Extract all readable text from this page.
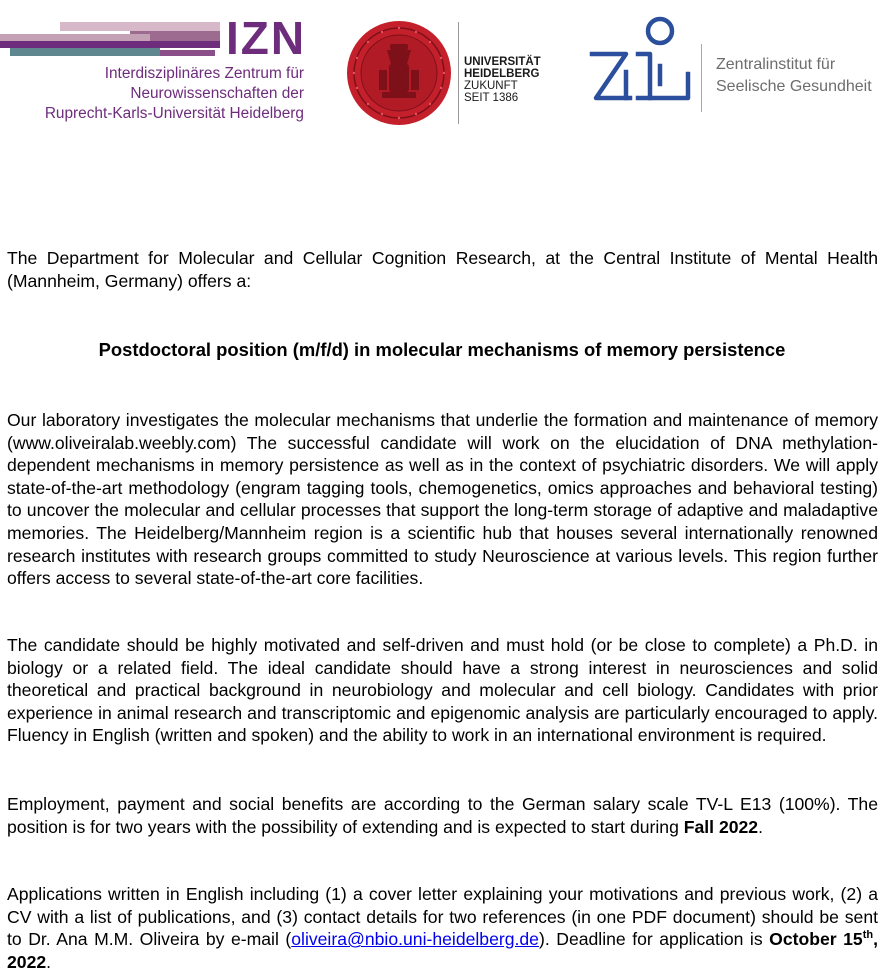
IZN
Interdisziplinäres Zentrum für
Neurowissenschaften der
Ruprecht-Karls-Universität Heidelberg
UNIVERSITÄT
HEIDELBERG
ZUKUNFT
SEIT 1386
Zentralinstitut für
Seelische Gesundheit

The Department for Molecular and Cellular Cognition Research, at the Central Institute of Mental Health (Mannheim, Germany) offers a:

Postdoctoral position (m/f/d) in molecular mechanisms of memory persistence

Our laboratory investigates the molecular mechanisms that underlie the formation and maintenance of memory (www.oliveiralab.weebly.com) The successful candidate will work on the elucidation of DNA methylation-dependent mechanisms in memory persistence as well as in the context of psychiatric disorders. We will apply state-of-the-art methodology (engram tagging tools, chemogenetics, omics approaches and behavioral testing) to uncover the molecular and cellular processes that support the long-term storage of adaptive and maladaptive memories. The Heidelberg/Mannheim region is a scientific hub that houses several internationally renowned research institutes with research groups committed to study Neuroscience at various levels. This region further offers access to several state-of-the-art core facilities.

The candidate should be highly motivated and self-driven and must hold (or be close to complete) a Ph.D. in biology or a related field. The ideal candidate should have a strong interest in neurosciences and solid theoretical and practical background in neurobiology and molecular and cell biology. Candidates with prior experience in animal research and transcriptomic and epigenomic analysis are particularly encouraged to apply. Fluency in English (written and spoken) and the ability to work in an international environment is required.

Employment, payment and social benefits are according to the German salary scale TV-L E13 (100%). The position is for two years with the possibility of extending and is expected to start during Fall 2022.

Applications written in English including (1) a cover letter explaining your motivations and previous work, (2) a CV with a list of publications, and (3) contact details for two references (in one PDF document) should be sent to Dr. Ana M.M. Oliveira by e-mail (oliveira@nbio.uni-heidelberg.de). Deadline for application is October 15th, 2022.
